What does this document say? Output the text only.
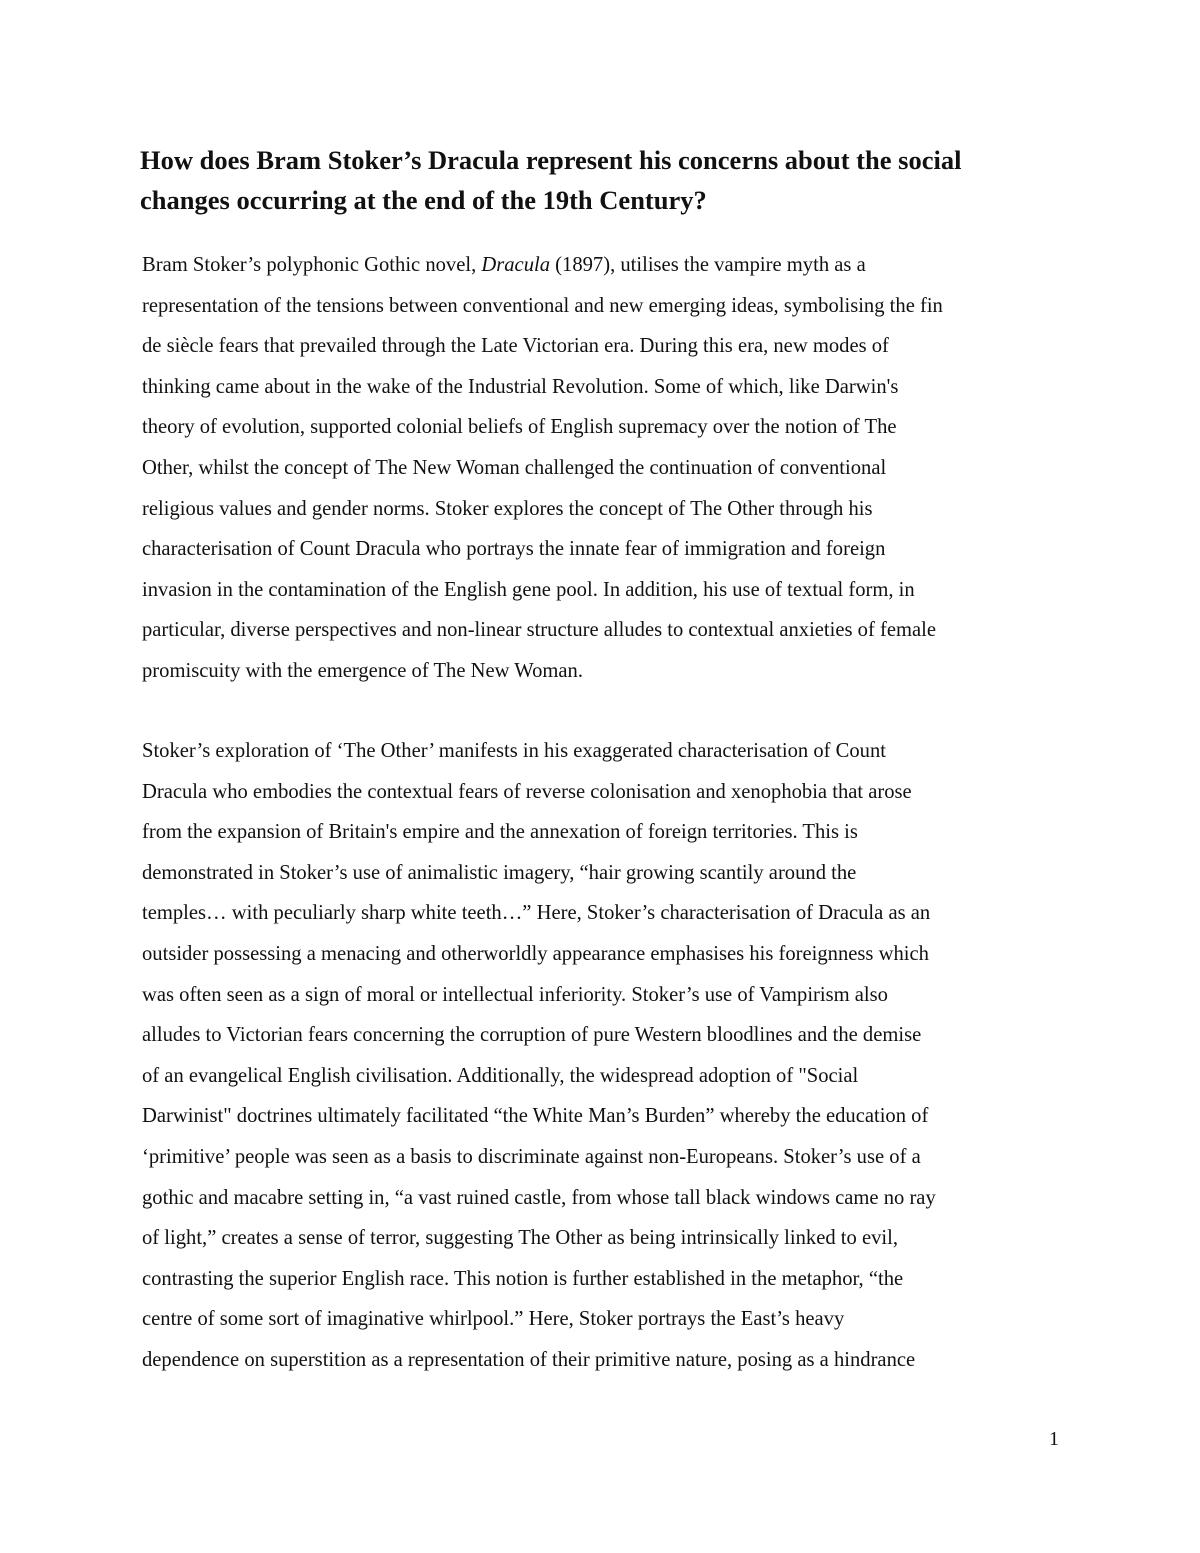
How does Bram Stoker’s Dracula represent his concerns about the social
changes occurring at the end of the 19th Century?
Bram Stoker’s polyphonic Gothic novel, Dracula (1897), utilises the vampire myth as a
representation of the tensions between conventional and new emerging ideas, symbolising the fin
de siècle fears that prevailed through the Late Victorian era. During this era, new modes of
thinking came about in the wake of the Industrial Revolution. Some of which, like Darwin's
theory of evolution, supported colonial beliefs of English supremacy over the notion of The
Other, whilst the concept of The New Woman challenged the continuation of conventional
religious values and gender norms. Stoker explores the concept of The Other through his
characterisation of Count Dracula who portrays the innate fear of immigration and foreign
invasion in the contamination of the English gene pool. In addition, his use of textual form, in
particular, diverse perspectives and non-linear structure alludes to contextual anxieties of female
promiscuity with the emergence of The New Woman.
Stoker’s exploration of ‘The Other’ manifests in his exaggerated characterisation of Count
Dracula who embodies the contextual fears of reverse colonisation and xenophobia that arose
from the expansion of Britain's empire and the annexation of foreign territories. This is
demonstrated in Stoker’s use of animalistic imagery, “hair growing scantily around the
temples… with peculiarly sharp white teeth…” Here, Stoker’s characterisation of Dracula as an
outsider possessing a menacing and otherworldly appearance emphasises his foreignness which
was often seen as a sign of moral or intellectual inferiority. Stoker’s use of Vampirism also
alludes to Victorian fears concerning the corruption of pure Western bloodlines and the demise
of an evangelical English civilisation. Additionally, the widespread adoption of "Social
Darwinist" doctrines ultimately facilitated “the White Man’s Burden” whereby the education of
‘primitive’ people was seen as a basis to discriminate against non-Europeans. Stoker’s use of a
gothic and macabre setting in, “a vast ruined castle, from whose tall black windows came no ray
of light,” creates a sense of terror, suggesting The Other as being intrinsically linked to evil,
contrasting the superior English race. This notion is further established in the metaphor, “the
centre of some sort of imaginative whirlpool.” Here, Stoker portrays the East’s heavy
dependence on superstition as a representation of their primitive nature, posing as a hindrance
1
